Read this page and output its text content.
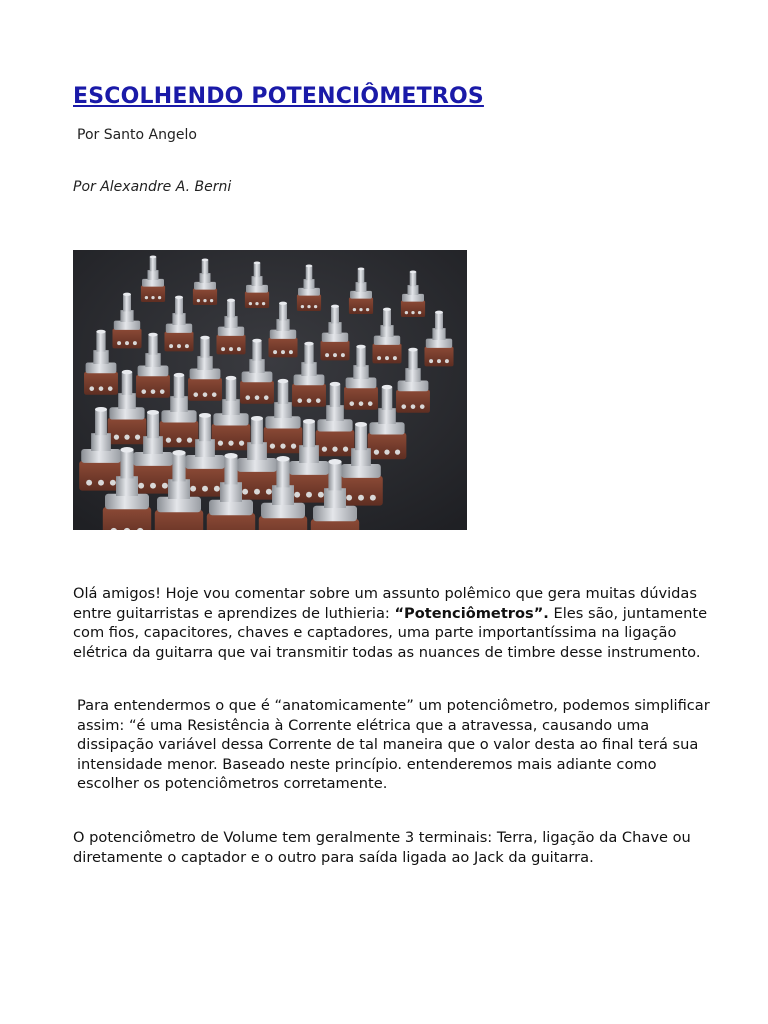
ESCOLHENDO POTENCIÔMETROS
Por Santo Angelo
Por Alexandre A. Berni

Olá amigos! Hoje vou comentar sobre um assunto polêmico que gera muitas dúvidas entre guitarristas e aprendizes de luthieria: “Potenciômetros”. Eles são, juntamente com fios, capacitores, chaves e captadores, uma parte importantíssima na ligação elétrica da guitarra que vai transmitir todas as nuances de timbre desse instrumento.

Para entendermos o que é “anatomicamente” um potenciômetro, podemos simplificar assim: “é uma Resistência à Corrente elétrica que a atravessa, causando uma dissipação variável dessa Corrente de tal maneira que o valor desta ao final terá sua intensidade menor. Baseado neste princípio. entenderemos mais adiante como escolher os potenciômetros corretamente.

O potenciômetro de Volume tem geralmente 3 terminais: Terra, ligação da Chave ou diretamente o captador e o outro para saída ligada ao Jack da guitarra.
